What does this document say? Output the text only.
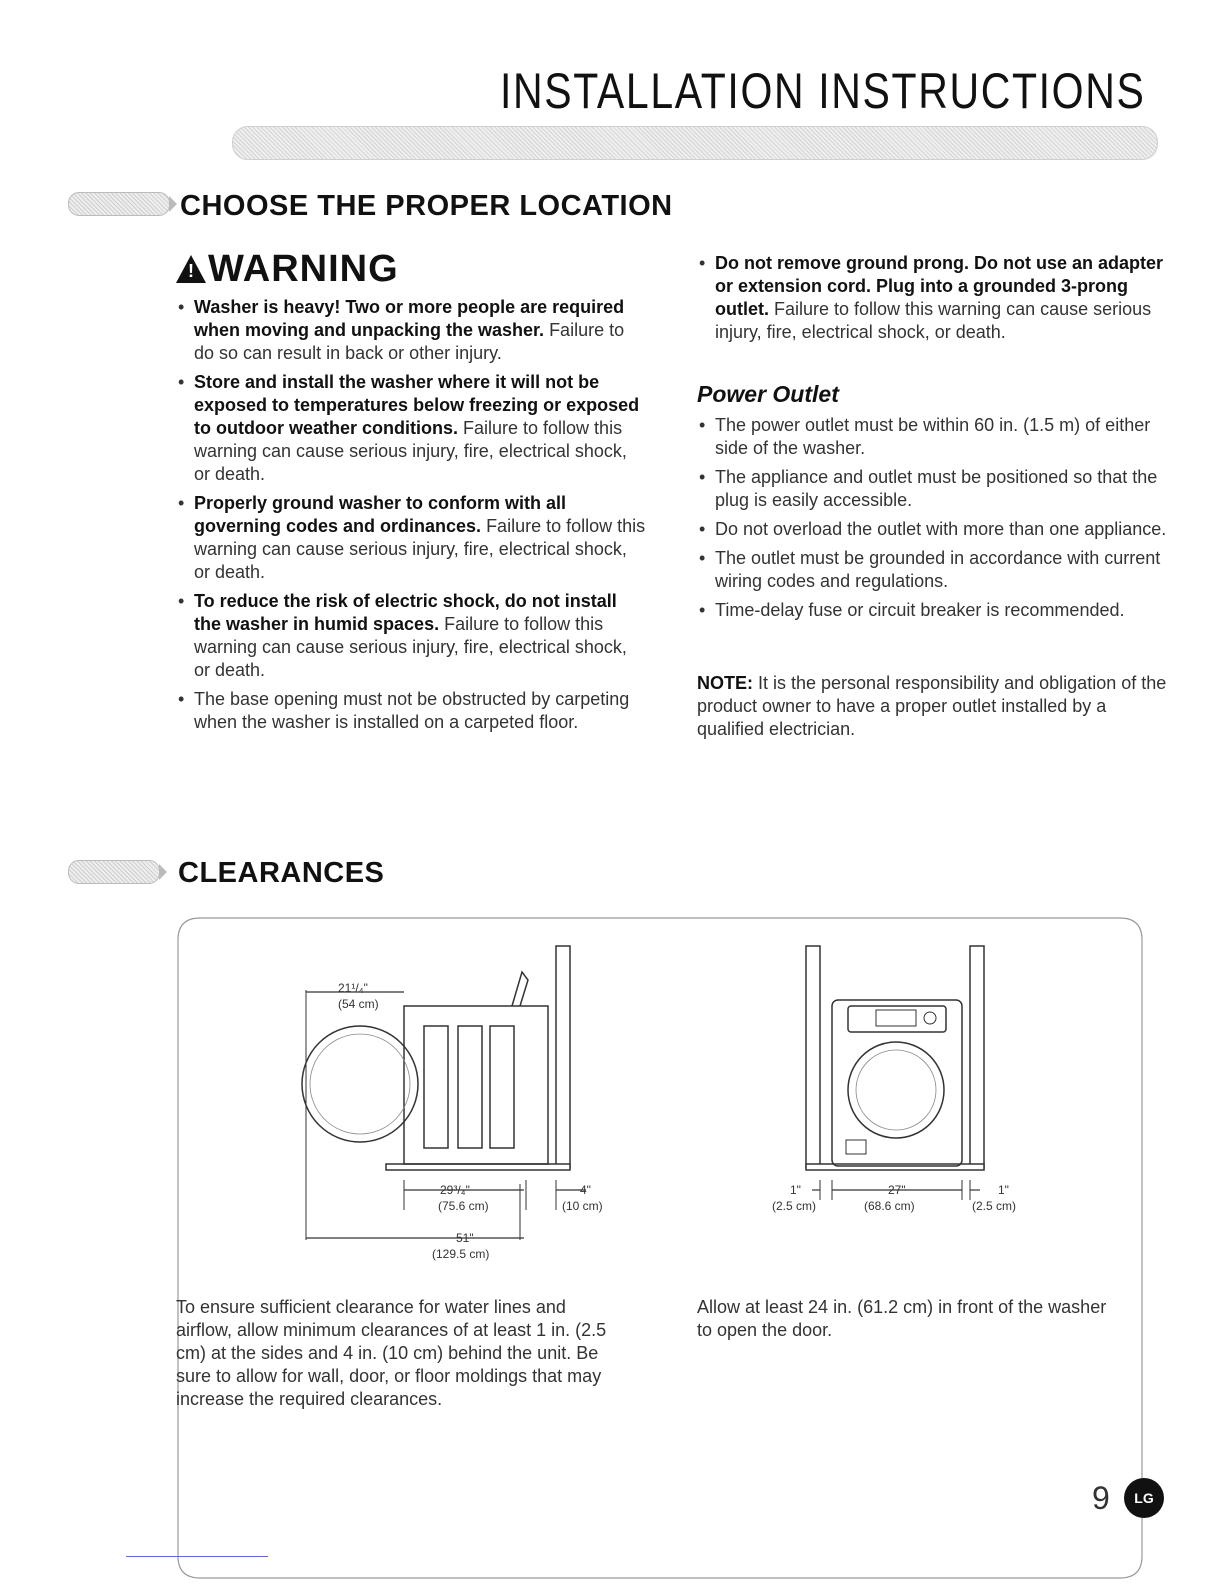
INSTALLATION INSTRUCTIONS
CHOOSE THE PROPER LOCATION
!WARNING
• Washer is heavy! Two or more people are required when moving and unpacking the washer. Failure to do so can result in back or other injury.
• Store and install the washer where it will not be exposed to temperatures below freezing or exposed to outdoor weather conditions. Failure to follow this warning can cause serious injury, fire, electrical shock, or death.
• Properly ground washer to conform with all governing codes and ordinances. Failure to follow this warning can cause serious injury, fire, electrical shock, or death.
• To reduce the risk of electric shock, do not install the washer in humid spaces. Failure to follow this warning can cause serious injury, fire, electrical shock, or death.
• The base opening must not be obstructed by carpeting when the washer is installed on a carpeted floor.
• Do not remove ground prong. Do not use an adapter or extension cord. Plug into a grounded 3-prong outlet. Failure to follow this warning can cause serious injury, fire, electrical shock, or death.
Power Outlet
• The power outlet must be within 60 in. (1.5 m) of either side of the washer.
• The appliance and outlet must be positioned so that the plug is easily accessible.
• Do not overload the outlet with more than one appliance.
• The outlet must be grounded in accordance with current wiring codes and regulations.
• Time-delay fuse or circuit breaker is recommended.
NOTE: It is the personal responsibility and obligation of the product owner to have a proper outlet installed by a qualified electrician.
CLEARANCES
21¹/₄"
(54 cm)
29³/₄"
(75.6 cm)
4"
(10 cm)
51"
(129.5 cm)
1"
(2.5 cm)
27"
(68.6 cm)
1"
(2.5 cm)
To ensure sufficient clearance for water lines and airflow, allow minimum clearances of at least 1 in. (2.5 cm) at the sides and 4 in. (10 cm) behind the unit. Be sure to allow for wall, door, or floor moldings that may increase the required clearances.
Allow at least 24 in. (61.2 cm) in front of the washer to open the door.
9	LG
